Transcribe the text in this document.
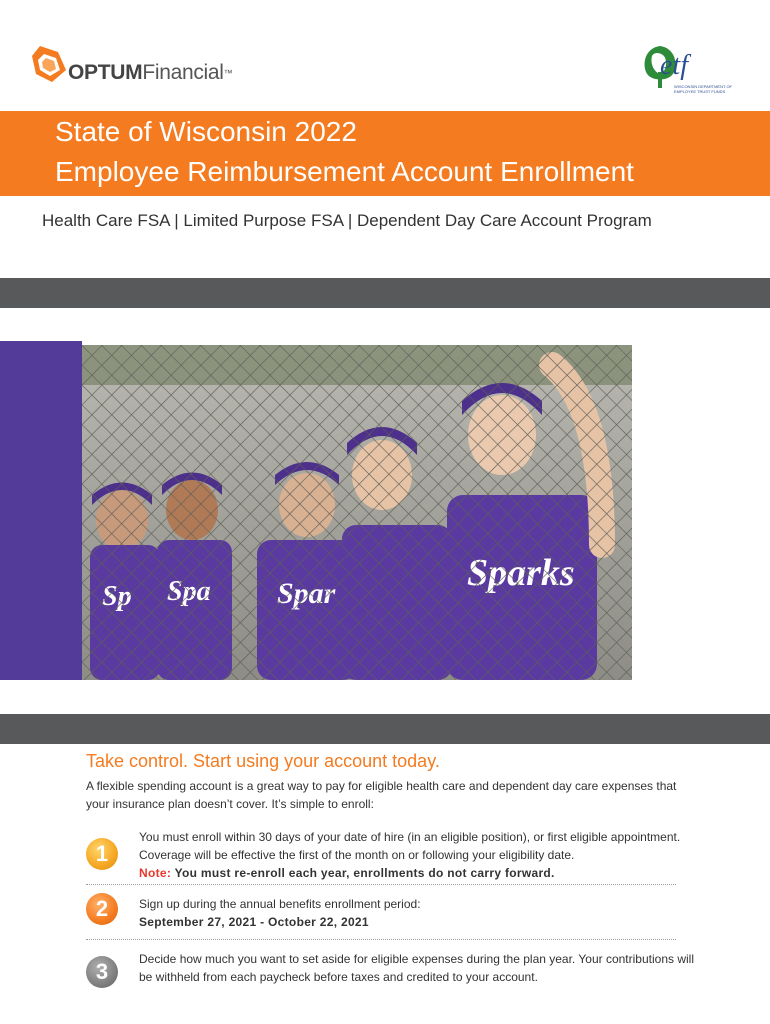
OPTUMFinancial™	etf
WISCONSIN DEPARTMENT OF EMPLOYEE TRUST FUNDS
State of Wisconsin 2022
Employee Reimbursement Account Enrollment
Health Care FSA | Limited Purpose FSA | Dependent Day Care Account Program
Take control. Start using your account today.
A flexible spending account is a great way to pay for eligible health care and dependent day care expenses that your insurance plan doesn’t cover. It’s simple to enroll:
1

You must enroll within 30 days of your date of hire (in an eligible position), or first eligible appointment. Coverage will be effective the first of the month on or following your eligibility date.

Note: You must re-enroll each year, enrollments do not carry forward.

2	Sign up during the annual benefits enrollment period:

September 27, 2021 - October 22, 2021

3	Decide how much you want to set aside for eligible expenses during the plan year. Your contributions will be withheld from each paycheck before taxes and credited to your account.
